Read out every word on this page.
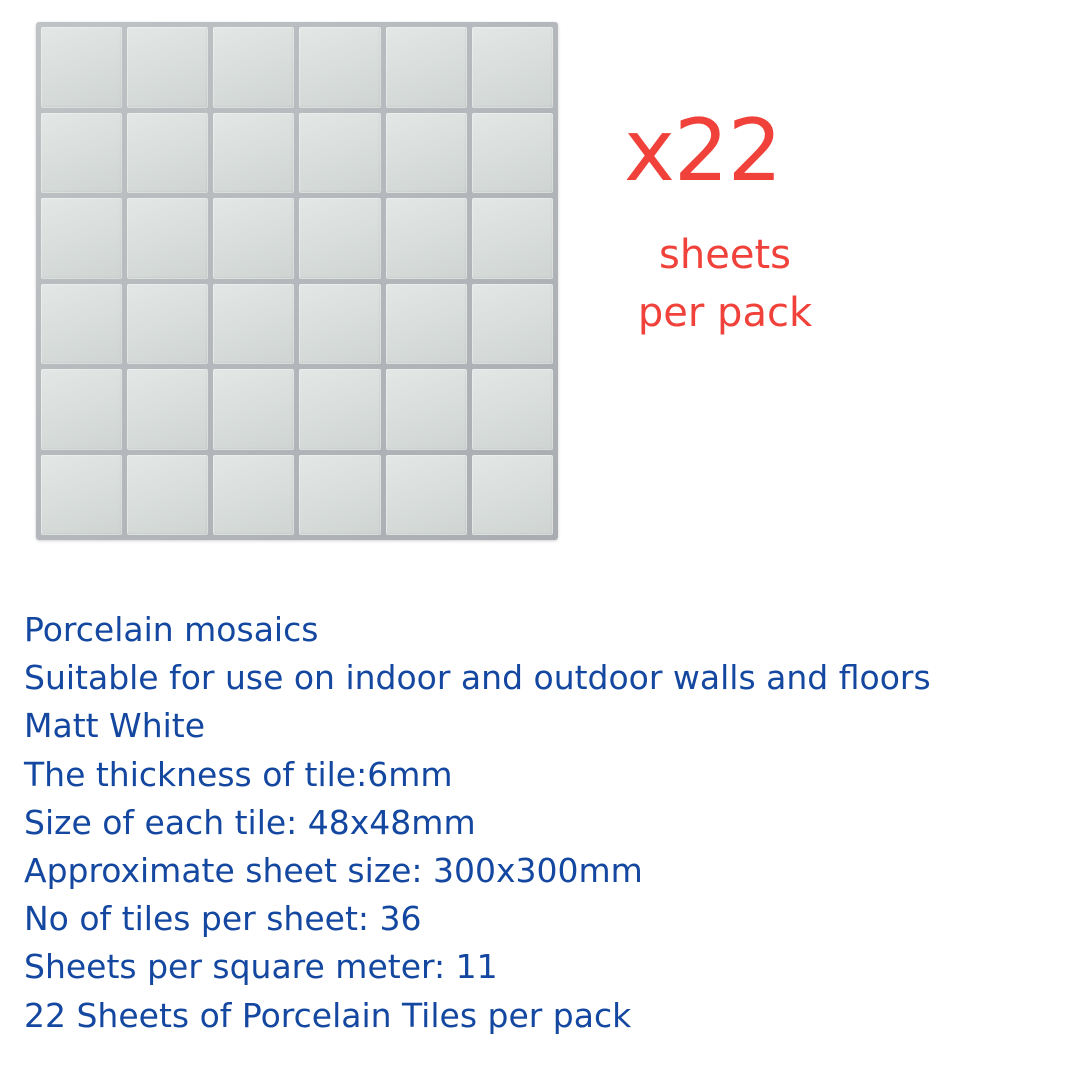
x22
sheets
per pack
Porcelain mosaics
Suitable for use on indoor and outdoor walls and floors
Matt White
The thickness of tile:6mm
Size of each tile: 48x48mm
Approximate sheet size: 300x300mm
No of tiles per sheet: 36
Sheets per square meter: 11
22 Sheets of Porcelain Tiles per pack
